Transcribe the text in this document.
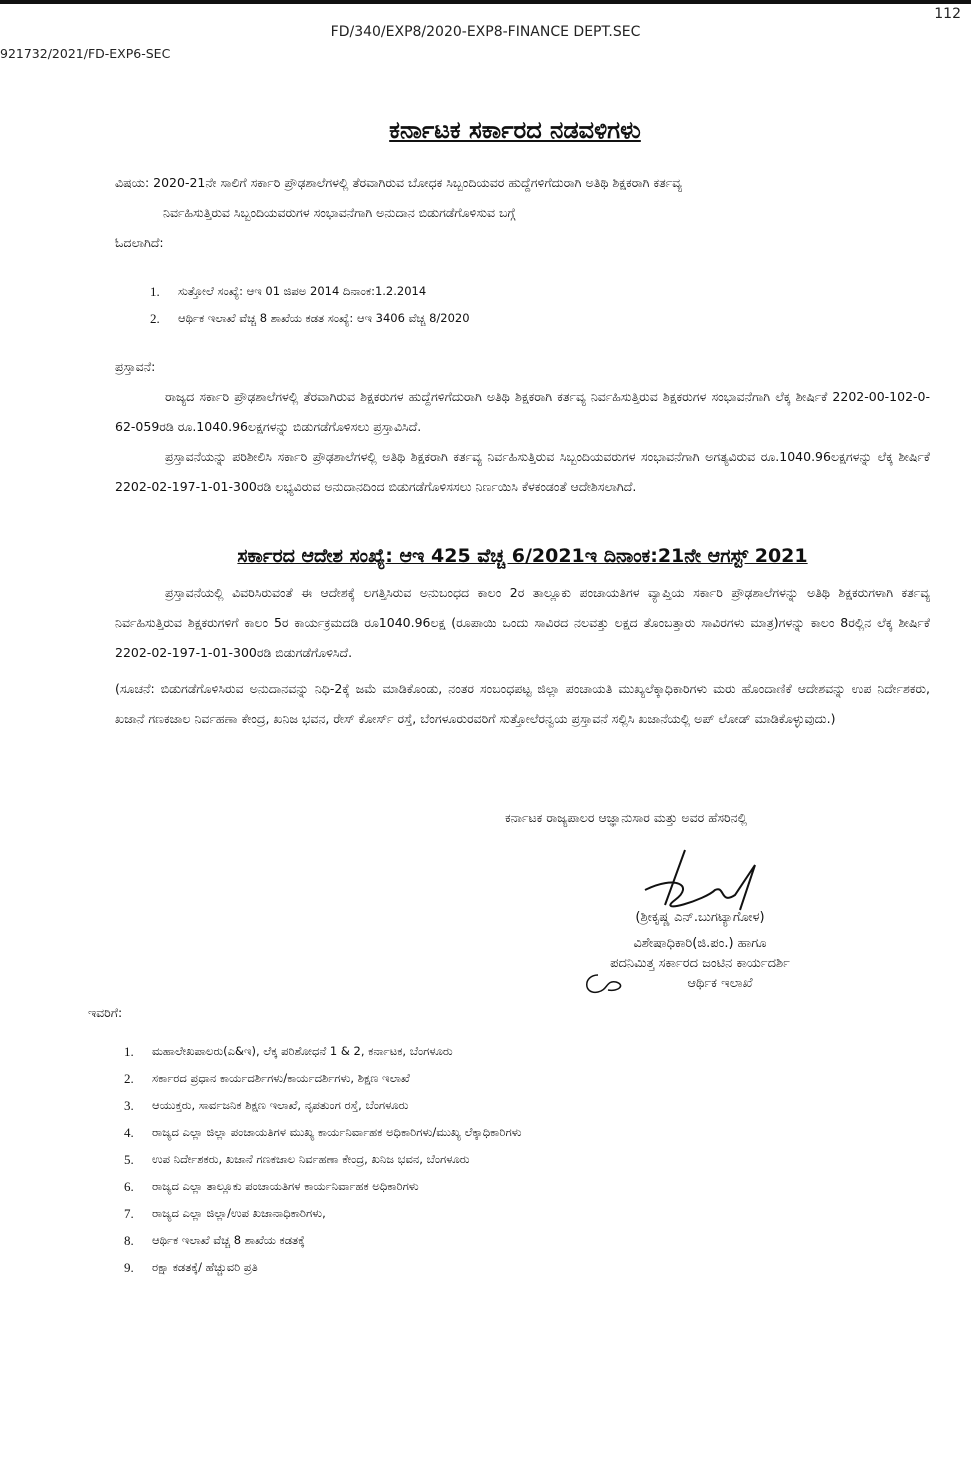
112
FD/340/EXP8/2020-EXP8-FINANCE DEPT.SEC
921732/2021/FD-EXP6-SEC
ಕರ್ನಾಟಕ ಸರ್ಕಾರದ ನಡವಳಿಗಳು
ವಿಷಯ: 2020-21ನೇ ಸಾಲಿಗೆ ಸರ್ಕಾರಿ ಪ್ರೌಢಶಾಲೆಗಳಲ್ಲಿ ತೆರವಾಗಿರುವ ಬೋಧಕ ಸಿಬ್ಬಂದಿಯವರ ಹುದ್ದೆಗಳಿಗೆದುರಾಗಿ ಅತಿಥಿ ಶಿಕ್ಷಕರಾಗಿ ಕರ್ತವ್ಯ
ನಿರ್ವಹಿಸುತ್ತಿರುವ ಸಿಬ್ಬಂದಿಯವರುಗಳ ಸಂಭಾವನೆಗಾಗಿ ಅನುದಾನ ಬಿಡುಗಡೆಗೊಳಿಸುವ ಬಗ್ಗೆ
ಓದಲಾಗಿದೆ:
1.	ಸುತ್ತೋಲೆ ಸಂಖ್ಯೆ: ಆಇ 01 ಜಿಪಅ 2014 ದಿನಾಂಕ:1.2.2014
2.	ಆರ್ಥಿಕ ಇಲಾಖೆ ವೆಚ್ಚ 8 ಶಾಖೆಯ ಕಡತ ಸಂಖ್ಯೆ: ಆಇ 3406 ವೆಚ್ಚ 8/2020
ಪ್ರಸ್ತಾವನೆ:
ರಾಜ್ಯದ ಸರ್ಕಾರಿ ಪ್ರೌಢಶಾಲೆಗಳಲ್ಲಿ ತೆರವಾಗಿರುವ ಶಿಕ್ಷಕರುಗಳ ಹುದ್ದೆಗಳಿಗೆದುರಾಗಿ ಅತಿಥಿ ಶಿಕ್ಷಕರಾಗಿ ಕರ್ತವ್ಯ ನಿರ್ವಹಿಸುತ್ತಿರುವ ಶಿಕ್ಷಕರುಗಳ ಸಂಭಾವನೆಗಾಗಿ ಲೆಕ್ಕ ಶೀರ್ಷಿಕೆ 2202-00-102-0-62-059ರಡಿ ರೂ.1040.96ಲಕ್ಷಗಳನ್ನು ಬಿಡುಗಡೆಗೊಳಿಸಲು ಪ್ರಸ್ತಾವಿಸಿದೆ.
ಪ್ರಸ್ತಾವನೆಯನ್ನು ಪರಿಶೀಲಿಸಿ ಸರ್ಕಾರಿ ಪ್ರೌಢಶಾಲೆಗಳಲ್ಲಿ ಅತಿಥಿ ಶಿಕ್ಷಕರಾಗಿ ಕರ್ತವ್ಯ ನಿರ್ವಹಿಸುತ್ತಿರುವ ಸಿಬ್ಬಂದಿಯವರುಗಳ ಸಂಭಾವನೆಗಾಗಿ ಅಗತ್ಯವಿರುವ ರೂ.1040.96ಲಕ್ಷಗಳನ್ನು ಲೆಕ್ಕ ಶೀರ್ಷಿಕೆ 2202-02-197-1-01-300ರಡಿ ಲಭ್ಯವಿರುವ ಅನುದಾನದಿಂದ ಬಿಡುಗಡೆಗೊಳಿಸಸಲು ನಿರ್ಣಯಿಸಿ ಕೆಳಕಂಡಂತೆ ಆದೇಶಿಸಲಾಗಿದೆ.
ಸರ್ಕಾರದ ಆದೇಶ ಸಂಖ್ಯೆ: ಆಇ 425 ವೆಚ್ಚ 6/2021ಇ ದಿನಾಂಕ:21ನೇ ಆಗಸ್ಟ್ 2021
ಪ್ರಸ್ತಾವನೆಯಲ್ಲಿ ವಿವರಿಸಿರುವಂತೆ ಈ ಆದೇಶಕ್ಕೆ ಲಗತ್ತಿಸಿರುವ ಅನುಬಂಧದ ಕಾಲಂ 2ರ ತಾಲ್ಲೂಕು ಪಂಚಾಯತಿಗಳ ವ್ಯಾಪ್ತಿಯ ಸರ್ಕಾರಿ ಪ್ರೌಢಶಾಲೆಗಳನ್ನು ಅತಿಥಿ ಶಿಕ್ಷಕರುಗಳಾಗಿ ಕರ್ತವ್ಯ ನಿರ್ವಹಿಸುತ್ತಿರುವ ಶಿಕ್ಷಕರುಗಳಿಗೆ ಕಾಲಂ 5ರ ಕಾರ್ಯಕ್ರಮದಡಿ ರೂ1040.96ಲಕ್ಷ (ರೂಪಾಯಿ ಒಂದು ಸಾವಿರದ ನಲವತ್ತು ಲಕ್ಷದ ತೊಂಬತ್ತಾರು ಸಾವಿರಗಳು ಮಾತ್ರ)ಗಳನ್ನು ಕಾಲಂ 8ರಲ್ಲಿನ ಲೆಕ್ಕ ಶೀರ್ಷಿಕೆ 2202-02-197-1-01-300ರಡಿ ಬಿಡುಗಡೆಗೊಳಿಸಿದೆ.
(ಸೂಚನೆ: ಬಿಡುಗಡೆಗೊಳಿಸಿರುವ ಅನುದಾನವನ್ನು ನಿಧಿ-2ಕ್ಕೆ ಜಮೆ ಮಾಡಿಕೊಂಡು, ನಂತರ ಸಂಬಂಧಪಟ್ಟ ಜಿಲ್ಲಾ ಪಂಚಾಯತಿ ಮುಖ್ಯಲೆಕ್ಕಾಧಿಕಾರಿಗಳು ಮರು ಹೊಂದಾಣಿಕೆ ಆದೇಶವನ್ನು ಉಪ ನಿರ್ದೇಶಕರು, ಖಜಾನೆ ಗಣಕಜಾಲ ನಿರ್ವಹಣಾ ಕೇಂದ್ರ, ಖನಿಜ ಭವನ, ರೇಸ್ ಕೋರ್ಸ್ ರಸ್ತೆ, ಬೆಂಗಳೂರುರವರಿಗೆ ಸುತ್ತೋಲೆರನ್ವಯ ಪ್ರಸ್ತಾವನೆ ಸಲ್ಲಿಸಿ ಖಜಾನೆಯಲ್ಲಿ ಅಪ್ ಲೋಡ್ ಮಾಡಿಕೊಳ್ಳುವುದು.)
ಕರ್ನಾಟಕ ರಾಜ್ಯಪಾಲರ ಆಜ್ಞಾನುಸಾರ ಮತ್ತು ಅವರ ಹೆಸರಿನಲ್ಲಿ
(ಶ್ರೀಕೃಷ್ಣ ಎನ್.ಬುಗಟ್ಯಾಗೋಳ)
ವಿಶೇಷಾಧಿಕಾರಿ(ಜಿ.ಪಂ.) ಹಾಗೂ
ಪದನಿಮಿತ್ತ ಸರ್ಕಾರದ ಜಂಟಿನ ಕಾರ್ಯದರ್ಶಿ
ಆರ್ಥಿಕ ಇಲಾಖೆ
ಇವರಿಗೆ:
1.	ಮಹಾಲೇಖಪಾಲರು(ಎ&ಇ), ಲೆಕ್ಕ ಪರಿಶೋಧನೆ 1 & 2, ಕರ್ನಾಟಕ, ಬೆಂಗಳೂರು
2.	ಸರ್ಕಾರದ ಪ್ರಧಾನ ಕಾರ್ಯದರ್ಶಿಗಳು/ಕಾರ್ಯದರ್ಶಿಗಳು, ಶಿಕ್ಷಣ ಇಲಾಖೆ
3.	ಆಯುಕ್ತರು, ಸಾರ್ವಜನಿಕ ಶಿಕ್ಷಣ ಇಲಾಖೆ, ನೃಪತುಂಗ ರಸ್ತೆ, ಬೆಂಗಳೂರು
4.	ರಾಜ್ಯದ ಎಲ್ಲಾ ಜಿಲ್ಲಾ ಪಂಚಾಯತಿಗಳ ಮುಖ್ಯ ಕಾರ್ಯನಿರ್ವಾಹಕ ಅಧಿಕಾರಿಗಳು/ಮುಖ್ಯ ಲೆಕ್ಕಾಧಿಕಾರಿಗಳು
5.	ಉಪ ನಿರ್ದೇಶಕರು, ಖಜಾನೆ ಗಣಕಜಾಲ ನಿರ್ವಹಣಾ ಕೇಂದ್ರ, ಖನಿಜ ಭವನ, ಬೆಂಗಳೂರು
6.	ರಾಜ್ಯದ ಎಲ್ಲಾ ತಾಲ್ಲೂಕು ಪಂಚಾಯತಿಗಳ ಕಾರ್ಯನಿರ್ವಾಹಕ ಅಧಿಕಾರಿಗಳು
7.	ರಾಜ್ಯದ ಎಲ್ಲಾ ಜಿಲ್ಲಾ/ಉಪ ಖಜಾನಾಧಿಕಾರಿಗಳು,
8.	ಆರ್ಥಿಕ ಇಲಾಖೆ ವೆಚ್ಚ 8 ಶಾಖೆಯ ಕಡತಕ್ಕೆ
9.	ರಕ್ಷಾ ಕಡತಕ್ಕೆ/ ಹೆಚ್ಚುವರಿ ಪ್ರತಿ
